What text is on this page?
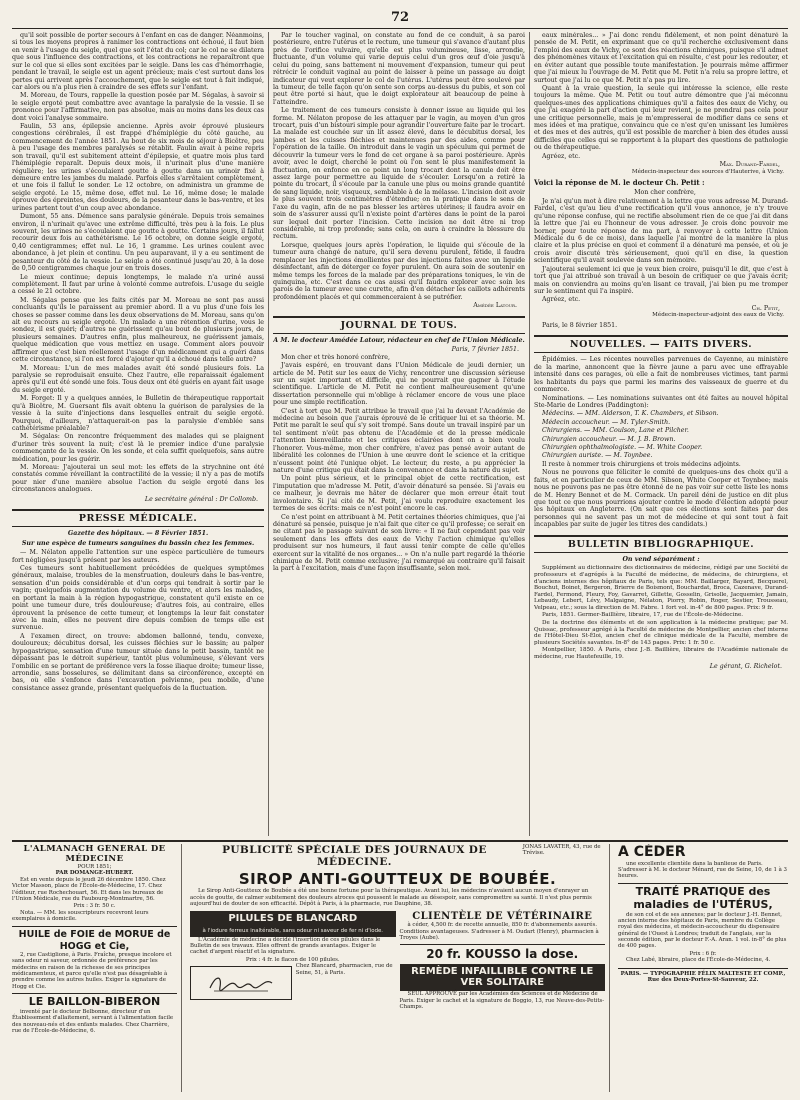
72

qu'il soit possible de porter secours à l'enfant en cas de danger. Néanmoins, si tous les moyens propres à ranimer les contractions ont échoué, il faut bien en venir à l'usage du seigle, quel que soit l'état du col; car le col ne se dilatera que sous l'influence des contractions, et les contractions ne reparaîtront que sur le col que si elles sont excitées par le seigle. Dans les cas d'hémorrhagie, pendant le travail, le seigle est un agent précieux; mais c'est surtout dans les pertes qui arrivent après l'accouchement, que le seigle est tout à fait indiqué, car alors ou n'a plus rien à craindre de ses effets sur l'enfant.

M. Moreau, de Tours, rappelle la question posée par M. Ségalas, à savoir si le seigle ergoté peut combattre avec avantage la paralysie de la vessie. Il se prononce pour l'affirmative, non pas absolue, mais au moins dans les deux cas dont voici l'analyse sommaire.

Faulin, 53 ans, épilepsie ancienne. Après avoir éprouvé plusieurs congestions cérébrales, il est frappé d'hémiplégie du côté gauche, au commencement de l'année 1851. Au bout de six mois de séjour à Bicêtre, peu à peu l'usage des membres paralysés se rétablit. Faulin avait à peine repris son travail, qu'il est subitement atteint d'épilepsie, et quatre mois plus tard l'hémiplégie reparaît. Depuis deux mois, il n'urinait plus d'une manière régulière; les urines s'écoulaient goutte à goutte dans un urinoir fixé à demeure entre les jambes du malade. Parfois elles s'arrêtaient complètement, et une fois il fallut le sonder. Le 12 octobre, on administra un gramme de seigle ergoté. Le 15, même dose, effet nul. Le 16, même dose; le malade éprouve des épreintes, des douleurs, de la pesanteur dans le bas-ventre, et les urines partent tout d'un coup avec abondance.

Dumont, 55 ans. Démence sans paralysie générale. Depuis trois semaines environ, il n'urinait qu'avec une extrême difficulté, très peu à la fois. Le plus souvent, les urines ne s'écoulaient que goutte à goutte. Certains jours, il fallut recourir deux fois au cathétérisme. Le 16 octobre, on donne seigle ergoté, 0,40 centigrammes; effet nul. Le 16, 1 gramme. Les urines coulent avec abondance, à jet plein et continu. Un peu auparavant, il y a eu sentiment de pesanteur du côté de la vessie. Le seigle a été continué jusqu'au 20, à la dose de 0,50 centigrammes chaque jour en trois doses.

Le mieux continue; depuis longtemps, le malade n'a uriné aussi complètement. Il faut par urine à volonté comme autrefois. L'usage du seigle a cessé le 21 octobre.

M. Ségalas pense que les faits cités par M. Moreau ne sont pas aussi concluants qu'ils le paraissent au premier abord. Il a vu plus d'une fois les choses se passer comme dans les deux observations de M. Moreau, sans qu'on ait eu recours au seigle ergoté. Un malade a une rétention d'urine, vous le sondez, il est guéri; d'autres ne guérissent qu'au bout de plusieurs jours, de plusieurs semaines. D'autres enfin, plus malheureux, ne guérissent jamais, quelque médication que vous mettiez en usage. Comment alors pouvoir affirmer que c'est bien réellement l'usage d'un médicament qui a guéri dans cette circonstance, si l'on est forcé d'ajouter qu'il a échoué dans telle autre?

M. Moreau: L'un de mes malades avait été sondé plusieurs fois. La paralysie se reproduisait ensuite. Chez l'autre, elle reparaissait également après qu'il eut été sondé une fois. Tous deux ont été guéris en ayant fait usage du seigle ergoté.

M. Forget: Il y a quelques années, le Bulletin de thérapeutique rapportait qu'à Bicêtre, M. Guersant fils avait obtenu la guérison de paralysies de la vessie à la suite d'injections dans lesquelles entrait du seigle ergoté. Pourquoi, d'ailleurs, n'attaquerait-on pas la paralysie d'emblée sans cathétérisme préalable?

M. Ségalas: On rencontre fréquemment des malades qui se plaignent d'uriner très souvent la nuit; c'est là le premier indice d'une paralysie commençante de la vessie. On les sonde, et cela suffit quelquefois, sans autre médication, pour les guérir.

M. Moreau: J'ajouterai un seul mot: les effets de la strychnine ont été constatés comme réveillant la contractilité de la vessie; il n'y a pas de motifs pour nier d'une manière absolue l'action du seigle ergoté dans les circonstances analogues.

Le secrétaire général : Dr Collomb.
PRESSE MÉDICALE.
Gazette des hôpitaux. — 8 Février 1851.
Sur une espèce de tumeurs sanguines du bassin chez les femmes.

— M. Nélaton appelle l'attention sur une espèce particulière de tumeurs fort négligées jusqu'à présent par les auteurs.

Ces tumeurs sont habituellement précédées de quelques symptômes généraux, malaise, troubles de la menstruation, douleurs dans le bas-ventre, sensation d'un poids considérable et d'un corps qui tendrait à sortir par le vagin; quelquefois augmentation du volume du ventre, et alors les malades, en portant la main à la région hypogastrique, constatent qu'il existe en ce point une tumeur dure, très douloureuse; d'autres fois, au contraire, elles éprouvent la présence de cette tumeur, et longtemps la leur fait constater avec la main, elles ne peuvent dire depuis combien de temps elle est survenue.

A l'examen direct, on trouve: abdomen ballonné, tendu, convexe, douloureux; décubitus dorsal, les cuisses fléchies sur le bassin; au palper hypogastrique, sensation d'une tumeur située dans le petit bassin, tantôt ne dépassant pas le détroit supérieur, tantôt plus volumineuse, s'élevant vers l'ombilic en se portant de préférence vers la fosse iliaque droite; tumeur lisse, arrondie, sans bosselures, se délimitant dans sa circonférence, excepté en bas, où elle s'enfonce dans l'excavation pelvienne, peu mobile, d'une consistance assez grande, présentant quelquefois de la fluctuation.

Par le toucher vaginal, on constate au fond de ce conduit, à sa paroi postérieure, entre l'utérus et le rectum, une tumeur qui s'avance d'autant plus près de l'orifice vulvaire, qu'elle est plus volumineuse, lisse, arrondie, fluctuante, d'un volume qui varie depuis celui d'un gros œuf d'oie jusqu'à celui du poing, sans battement ni mouvement d'expansion, tumeur qui peut rétrécir le conduit vaginal au point de laisser à peine un passage au doigt indicateur qui veut explorer le col de l'utérus. L'utérus peut être soulevé par la tumeur, de telle façon qu'on sente son corps au-dessus du pubis, et son col peut être porté si haut, que le doigt explorateur ait beaucoup de peine à l'atteindre.

Le traitement de ces tumeurs consiste à donner issue au liquide qui les forme. M. Nélaton propose de les attaquer par le vagin, au moyen d'un gros trocart, puis d'un bistouri simple pour agrandir l'ouverture faite par le trocart. La malade est couchée sur un lit assez élevé, dans le décubitus dorsal, les jambes et les cuisses fléchies et maintenues par des aides, comme pour l'opération de la taille. On introduit dans le vagin un spéculum qui permet de découvrir la tumeur vers le fond de cet organe à sa paroi postérieure. Après avoir, avec le doigt, cherché le point où l'on sent le plus manifestement la fluctuation, on enfonce en ce point un long trocart dont la canule doit être assez large pour permettre au liquide de s'écouler. Lorsqu'on a retiré la pointe du trocart, il s'écoule par la canule une plus ou moins grande quantité de sang liquide, noir, visqueux, semblable à de la mélasse. L'incision doit avoir le plus souvent trois centimètres d'étendue; on la pratique dans le sens de l'axe du vagin, afin de ne pas blesser les artères utérines; il faudra avoir en soin de s'assurer aussi qu'il n'existe point d'artères dans le point de la paroi sur lequel doit porter l'incision. Cette incision ne doit être ni trop considérable, ni trop profonde; sans cela, on aura à craindre la blessure du rectum.

Lorsque, quelques jours après l'opération, le liquide qui s'écoule de la tumeur aura changé de nature, qu'il sera devenu purulent, fétide, il faudra remplacer les injections émollientes par des injections faites avec un liquide désinfectant, afin de déterger ce foyer purulent. On aura soin de soutenir en même temps les forces de la malade par des préparations toniques, le vin de quinquina, etc. C'est dans ce cas aussi qu'il faudra explorer avec soin les parois de la tumeur avec une curette, afin d'en détacher les caillots adhérents profondément placés et qui commenceraient à se putréfier.

Amédée Latour.
JOURNAL DE TOUS.
A M. le docteur Amédée Latour, rédacteur en chef de l'Union Médicale.
Paris, 7 février 1851.

Mon cher et très honoré confrère,

J'avais espéré, en trouvant dans l'Union Médicale de jeudi dernier, un article de M. Petit sur les eaux de Vichy, rencontrer une discussion sérieuse sur un sujet important et difficile, qui ne pourrait que gagner à l'étude scientifique. L'article de M. Petit ne contient malheureusement qu'une dissertation personnelle qui m'oblige à réclamer encore de vous une place pour une simple rectification.

C'est à tort que M. Petit attribue le travail que j'ai lu devant l'Académie de médecine au besoin que j'aurais éprouvé de le critiquer lui et sa théorie. M. Petit me paraît le seul qui s'y soit trompé. Sans doute un travail inspiré par un tel sentiment n'eût pas obtenu de l'Académie et de la presse médicale l'attention bienveillante et les critiques éclairées dont on a bien voulu l'honorer. Vous-même, mon cher confrère, n'avez pas pensé avoir autant de libéralité les colonnes de l'Union à une œuvre dont le science et la critique n'eussent point été l'unique objet. Le lecteur, du reste, a pu apprécier la nature d'une critique qui était dans la convenance et dans la nature du sujet.

Un point plus sérieux, et le principal objet de cette rectification, est l'imputation que m'adresse M. Petit, d'avoir dénaturé sa pensée. Si j'avais eu ce malheur, je devrais me hâter de déclarer que mon erreur était tout involontaire. Si j'ai cité de M. Petit, j'ai voulu reproduire exactement les termes de ses écrits: mais ce n'est point encore le cas.

Ce n'est point en attribuant à M. Petit certaines théories chimiques, que j'ai dénaturé sa pensée, puisque je n'ai fait que citer ce qu'il professe; ce serait en ne citant pas le passage suivant de son livre: « Il ne faut cependant pas voir seulement dans les effets des eaux de Vichy l'action chimique qu'elles produisent sur nos humeurs, il faut aussi tenir compte de celle qu'elles exercent sur la vitalité de nos organes... » On n'a nulle part regardé la théorie chimique de M. Petit comme exclusive; j'ai remarqué au contraire qu'il faisait la part à l'excitation, mais d'une façon insuffisante, selon moi.

eaux minérales... » J'ai donc rendu fidèlement, et non point dénaturé la pensée de M. Petit, en exprimant que ce qu'il recherche exclusivement dans l'emploi des eaux de Vichy, ce sont des réactions chimiques, puisque s'il admet des phénomènes vitaux et l'excitation qui en résulte, c'est pour les redouter, et en éviter autant que possible toute manifestation. Je pourrais même affirmer que j'ai mieux lu l'ouvrage de M. Petit que M. Petit n'a relu sa propre lettre, et surtout que j'ai lu ce que M. Petit n'a pas pu lire.

Quant à la vraie question, la seule qui intéresse la science, elle reste toujours la même. Que M. Petit ou tout autre démontre que j'ai méconnu quelques-unes des applications chimiques qu'il a faites des eaux de Vichy, ou que j'ai exagéré la part d'action qui leur revient, je ne prendrai pas cela pour une critique personnelle, mais je m'empresserai de modifier dans ce sens et mes idées et ma pratique, convaincu que ce n'est qu'en unissant les lumières et des mes et des autres, qu'il est possible de marcher à bien des études aussi difficiles que celles qui se rapportent à la plupart des questions de pathologie ou de thérapeutique.

Agréez, etc.

Max. Durand-Fardel,
Médecin-inspecteur des sources d'Hauterive, à Vichy.
Voici la réponse de M. le docteur Ch. Petit :

Mon cher confrère,

Je n'ai qu'un mot à dire relativement à la lettre que vous adresse M. Durand-Fardel, c'est qu'au lieu d'une rectification qu'il vous annonce, je n'y trouve qu'une réponse confuse, qui ne rectifie absolument rien de ce que j'ai dit dans la lettre que j'ai eu l'honneur de vous adresser. Je crois donc pouvoir me borner, pour toute réponse de ma part, à renvoyer à cette lettre (Union Médicale du 6 de ce mois), dans laquelle j'ai montré de la manière la plus claire et la plus précise en quoi et comment il a dénaturé ma pensée, et où je crois avoir discuté très sérieusement, quoi qu'il en dise, la question scientifique qu'il avait soulevée dans son mémoire.

J'ajouterai seulement ici que je veux bien croire, puisqu'il le dit, que c'est à tort que j'ai attribué son travail à un besoin de critiquer ce que j'avais écrit; mais on conviendra au moins qu'en lisant ce travail, j'ai bien pu me tromper sur le sentiment qui l'a inspiré.

Agréez, etc.

Ch. Petit,
Médecin-inspecteur-adjoint des eaux de Vichy.

Paris, le 8 février 1851.

NOUVELLES. — FAITS DIVERS.

Épidémies. — Les récentes nouvelles parvenues de Cayenne, au ministère de la marine, annoncent que la fièvre jaune a paru avec une effrayable intensité dans ces parages, où elle a fait de nombreuses victimes, tant parmi les habitants du pays que parmi les marins des vaisseaux de guerre et du commerce.

Nominations. — Les nominations suivantes ont été faites au nouvel hôpital Ste-Marie de Londres (Paddington):

Médecins. — MM. Alderson, T. K. Chambers, et Sibson.

Médecin accoucheur. — M. Tyler-Smith.

Chirurgiens. — MM. Coulson, Lane et Pilcher.

Chirurgien accoucheur. — M. J. B. Brown.

Chirurgien ophthalmologiste. — M. White Cooper.

Chirurgien auriste. — M. Toynbee.

Il reste à nommer trois chirurgiens et trois médecins adjoints.

Nous ne pouvons que féliciter le comité de quelques-uns des choix qu'il a faits, et en particulier de ceux de MM. Sibson, White Cooper et Toynbee; mais nous ne pouvons pas ne pas être étonné de ne pas voir sur cette liste les noms de M. Henry Bennet et de M. Cormack. Un pareil déni de justice en dit plus que tout ce que nous pourrions ajouter contre le mode d'élection adopté pour les hôpitaux en Angleterre. (On sait que ces élections sont faites par des personnes qui ne savent pas un mot de médecine et qui sont tout à fait incapables par suite de juger les titres des candidats.)

BULLETIN BIBLIOGRAPHIQUE.
On vend séparément :

Supplément au dictionnaire des dictionnaires de médecine, rédigé par une Société de professeurs et d'agrégés à la Faculté de médecine, de médecins, de chirurgiens, et d'anciens internes des hôpitaux de Paris, tels que: MM. Baillarger, Bayard, Becquerel, Bouchut, Boinet, Bergeron, Brierre de Boismont, Bouchardat, Broca, Cazenave, Durand-Fardel, Fermond, Fleury, Foy, Gavarret, Gillette, Gosselin, Grisolle, Jacquemier, Jamain, Lebaudy, Lebert, Lévy, Malgaigne, Nélaton, Piorry, Robin, Roger, Sestier, Trousseau, Velpeau, etc.; sous la direction de M. Fabre. 1 fort vol. in-4° de 800 pages. Prix: 9 fr.

Paris, 1851. Germer-Baillière, libraire, 17, rue de l'École-de-Médecine.

De la doctrine des éléments et de son application à la médecine pratique; par M. Quissac, professeur agrégé à la Faculté de médecine de Montpellier, ancien chef interne de l'Hôtel-Dieu St-Éloi, ancien chef de clinique médicale de la Faculté, membre de plusieurs Sociétés savantes. In-8° de 143 pages. Prix: 1 fr. 50 c.

Montpellier, 1850. À Paris, chez J.-B. Baillière, libraire de l'Académie nationale de médecine, rue Hautefeuille, 19.

Le gérant, G. Richelot.
L'ALMANACH GÉNÉRAL DE MÉDECINE
POUR 1851;
PAR DOMANGE-HUBERT.

Est en vente depuis le jeudi 26 décembre 1850. Chez Victor Masson, place de l'École-de-Médecine, 17. Chez l'éditeur, rue Rochechouart, 56. Et dans les bureaux de l'Union Médicale, rue du Faubourg-Montmartre, 56.

Prix : 3 fr. 50 c.

Nota. — MM. les souscripteurs recevront leurs exemplaires à domicile.

HUILE de FOIE de MORUE de HOGG et Cie,

2, rue Castiglione, à Paris. Fraîche, presque incolore et sans odeur ni saveur, ordonnée de préférence par les médecins en raison de la richesse de ses principes médicamenteux, et parce qu'elle n'est pas désagréable à prendre comme les autres huiles. Exiger la signature de Hogg et Cie.

LE BAILLON-BIBERON

inventé par le docteur Belbonne, directeur d'un Établissement d'allaitement, servant à l'alimentation facile des nouveau-nés et des enfants malades. Chez Charrière, rue de l'École-de-Médecine, 6.

PUBLICITÉ SPÉCIALE DES JOURNAUX DE MÉDECINE.
JONAS LAVATER, 43, rue de Trévise.
SIROP ANTI-GOUTTEUX DE BOUBÉE.

Le Sirop Anti-Goutteux de Boubée a été une bonne fortune pour la thérapeutique. Avant lui, les médecins n'avaient aucun moyen d'enrayer un accès de goutte, de calmer subitement des douleurs atroces qui poussent le malade au désespoir, sans compromettre sa santé. Il n'est plus permis aujourd'hui de douter de son efficacité. Dépôt à Paris, à la pharmacie, rue Dauphine, 38.

PILULES DE BLANCARD
à l'iodure ferreux inaltérable, sans odeur ni saveur de fer ni d'iode.

L'Académie de médecine a décidé l'insertion de ces pilules dans le Bulletin de ses travaux. Elles offrent de grands avantages. Exiger le cachet d'argent réactif et la signature.

Prix : 4 fr. le flacon de 100 pilules.
Chez Blancard, pharmacien, rue de Seine, 51, à Paris.
CLIENTÈLE DE VÉTÉRINAIRE

à céder, 4,500 fr. de recette annuelle, 850 fr. d'abonnements assurés. Conditions avantageuses. S'adresser à M. Oudart (Henry), pharmacien à Troyes (Aube).

20 fr. KOUSSO la dose.
REMÈDE INFAILLIBLE CONTRE LE VER SOLITAIRE

SEUL APPROUVÉ par les Académies des Sciences et de Médecine de Paris. Exiger le cachet et la signature de Boggio, 13, rue Neuve-des-Petits-Champs.

A CÉDER

une excellente clientèle dans la banlieue de Paris. S'adresser à M. le docteur Ménard, rue de Seine, 10, de 1 à 3 heures.

TRAITÉ PRATIQUE des maladies de l'UTÉRUS,

de son col et de ses annexes; par le docteur J.-H. Bennet, ancien interne des hôpitaux de Paris, membre du Collège royal des médecins, et médecin-accoucheur du dispensaire général de l'Ouest à Londres; traduit de l'anglais, sur la seconde édition, par le docteur F.-A. Aran. 1 vol. in-8° de plus de 400 pages.

Prix : 6 fr.

Chez Labé, libraire, place de l'École-de-Médecine, 4.

PARIS. — TYPOGRAPHIE FÉLIX MALTESTE ET COMP., Rue des Deux-Portes-St-Sauveur, 22.
